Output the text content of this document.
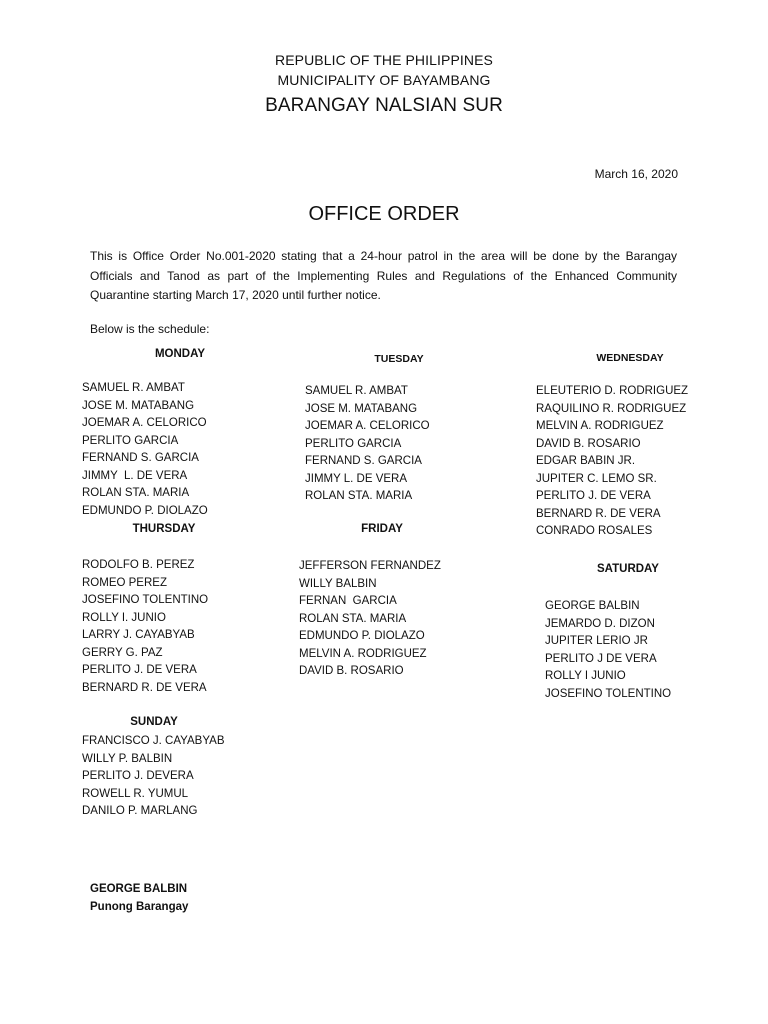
REPUBLIC OF THE PHILIPPINES
MUNICIPALITY OF BAYAMBANG
BARANGAY NALSIAN SUR
March 16, 2020
OFFICE ORDER
This is Office Order No.001-2020 stating that a 24-hour patrol in the area will be done by the Barangay Officials and Tanod as part of the Implementing Rules and Regulations of the Enhanced Community Quarantine starting March 17, 2020 until further notice.
Below is the schedule:
MONDAY
SAMUEL R. AMBAT
JOSE M. MATABANG
JOEMAR A. CELORICO
PERLITO GARCIA
FERNAND S. GARCIA
JIMMY  L. DE VERA
ROLAN STA. MARIA
EDMUNDO P. DIOLAZO
TUESDAY
SAMUEL R. AMBAT
JOSE M. MATABANG
JOEMAR A. CELORICO
PERLITO GARCIA
FERNAND S. GARCIA
JIMMY L. DE VERA
ROLAN STA. MARIA
WEDNESDAY
ELEUTERIO D. RODRIGUEZ
RAQUILINO R. RODRIGUEZ
MELVIN A. RODRIGUEZ
DAVID B. ROSARIO
EDGAR BABIN JR.
JUPITER C. LEMO SR.
PERLITO J. DE VERA
BERNARD R. DE VERA
CONRADO ROSALES
THURSDAY
RODOLFO B. PEREZ
ROMEO PEREZ
JOSEFINO TOLENTINO
ROLLY I. JUNIO
LARRY J. CAYABYAB
GERRY G. PAZ
PERLITO J. DE VERA
BERNARD R. DE VERA
FRIDAY
JEFFERSON FERNANDEZ
WILLY BALBIN
FERNAN  GARCIA
ROLAN STA. MARIA
EDMUNDO P. DIOLAZO
MELVIN A. RODRIGUEZ
DAVID B. ROSARIO
SATURDAY
GEORGE BALBIN
JEMARDO D. DIZON
JUPITER LERIO JR
PERLITO J DE VERA
ROLLY I JUNIO
JOSEFINO TOLENTINO
SUNDAY
FRANCISCO J. CAYABYAB
WILLY P. BALBIN
PERLITO J. DEVERA
ROWELL R. YUMUL
DANILO P. MARLANG
GEORGE BALBIN
Punong Barangay
